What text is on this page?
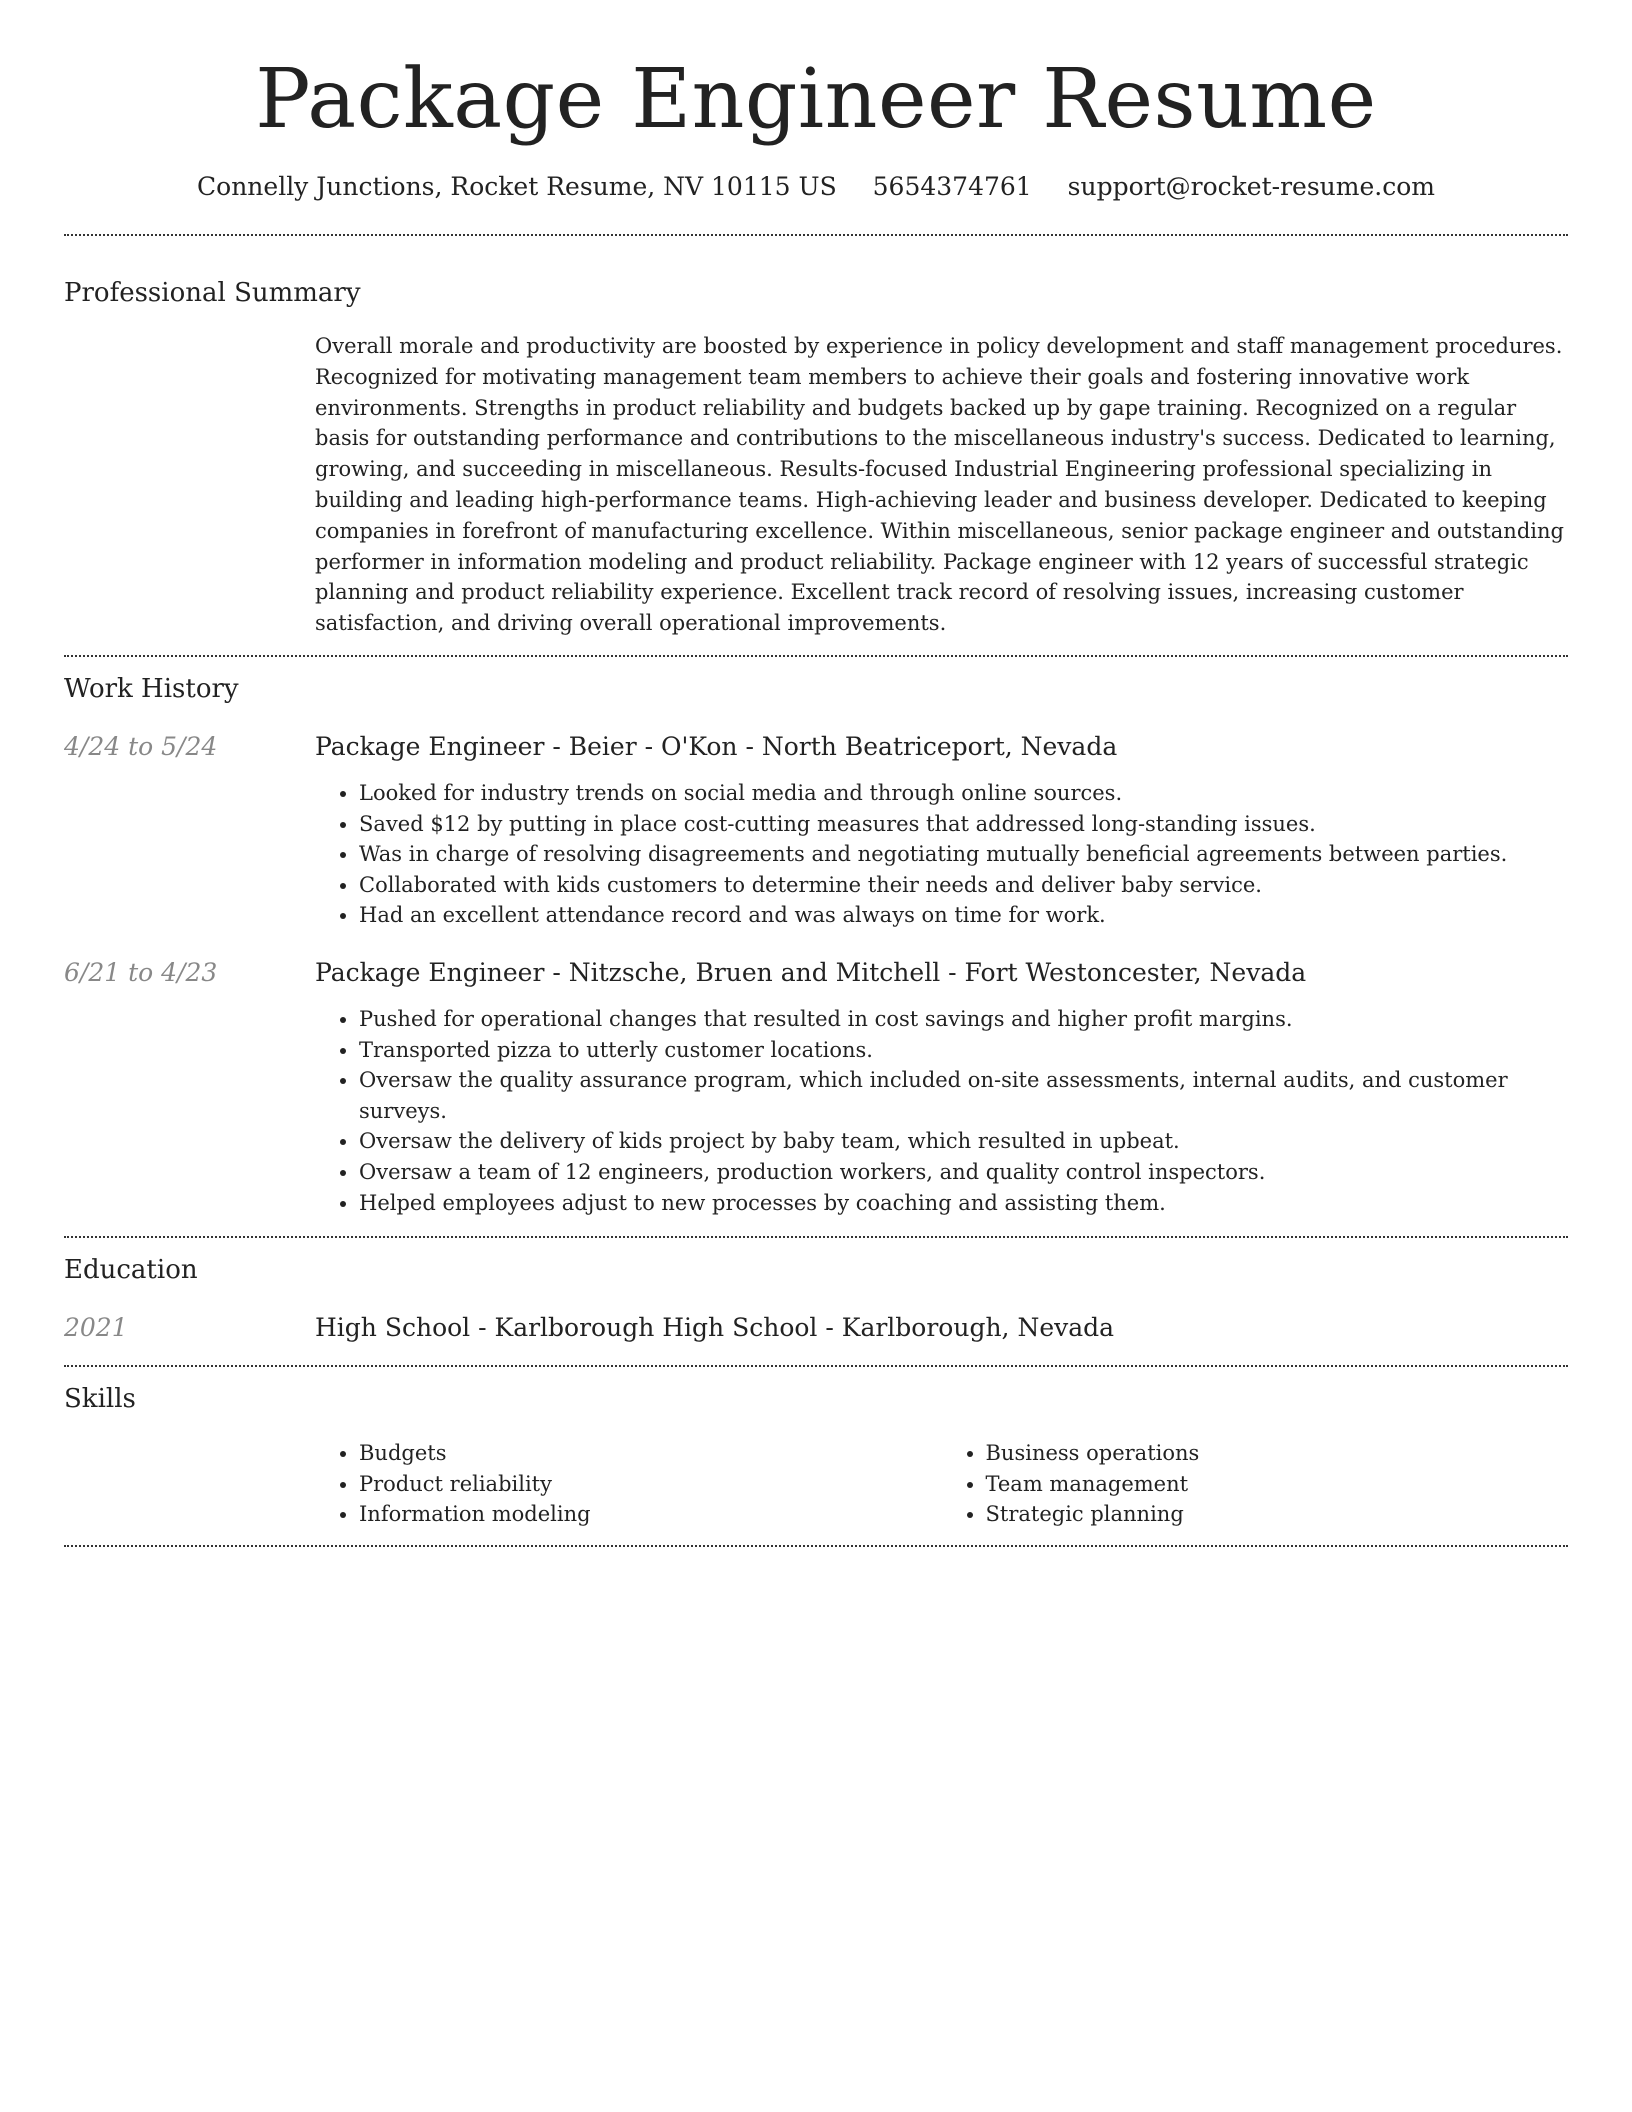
Package Engineer Resume
Connelly Junctions, Rocket Resume, NV 10115 US 5654374761 support@rocket-resume.com
Professional Summary

Overall morale and productivity are boosted by experience in policy development and staff management procedures. Recognized for motivating management team members to achieve their goals and fostering innovative work environments. Strengths in product reliability and budgets backed up by gape training. Recognized on a regular basis for outstanding performance and contributions to the miscellaneous industry's success. Dedicated to learning, growing, and succeeding in miscellaneous. Results-focused Industrial Engineering professional specializing in building and leading high-performance teams. High-achieving leader and business developer. Dedicated to keeping companies in forefront of manufacturing excellence. Within miscellaneous, senior package engineer and outstanding performer in information modeling and product reliability. Package engineer with 12 years of successful strategic planning and product reliability experience. Excellent track record of resolving issues, increasing customer satisfaction, and driving overall operational improvements.

Work History
4/24 to 5/24	Package Engineer - Beier - O'Kon - North Beatriceport, Nevada
• Looked for industry trends on social media and through online sources.
• Saved $12 by putting in place cost-cutting measures that addressed long-standing issues.
• Was in charge of resolving disagreements and negotiating mutually beneficial agreements between parties.
• Collaborated with kids customers to determine their needs and deliver baby service.
• Had an excellent attendance record and was always on time for work.
6/21 to 4/23	Package Engineer - Nitzsche, Bruen and Mitchell - Fort Westoncester, Nevada
• Pushed for operational changes that resulted in cost savings and higher profit margins.
• Transported pizza to utterly customer locations.
• Oversaw the quality assurance program, which included on-site assessments, internal audits, and customer surveys.
• Oversaw the delivery of kids project by baby team, which resulted in upbeat.
• Oversaw a team of 12 engineers, production workers, and quality control inspectors.
• Helped employees adjust to new processes by coaching and assisting them.
Education
2021	High School - Karlborough High School - Karlborough, Nevada
Skills
• Budgets
• Product reliability
• Information modeling
• Business operations
• Team management
• Strategic planning
